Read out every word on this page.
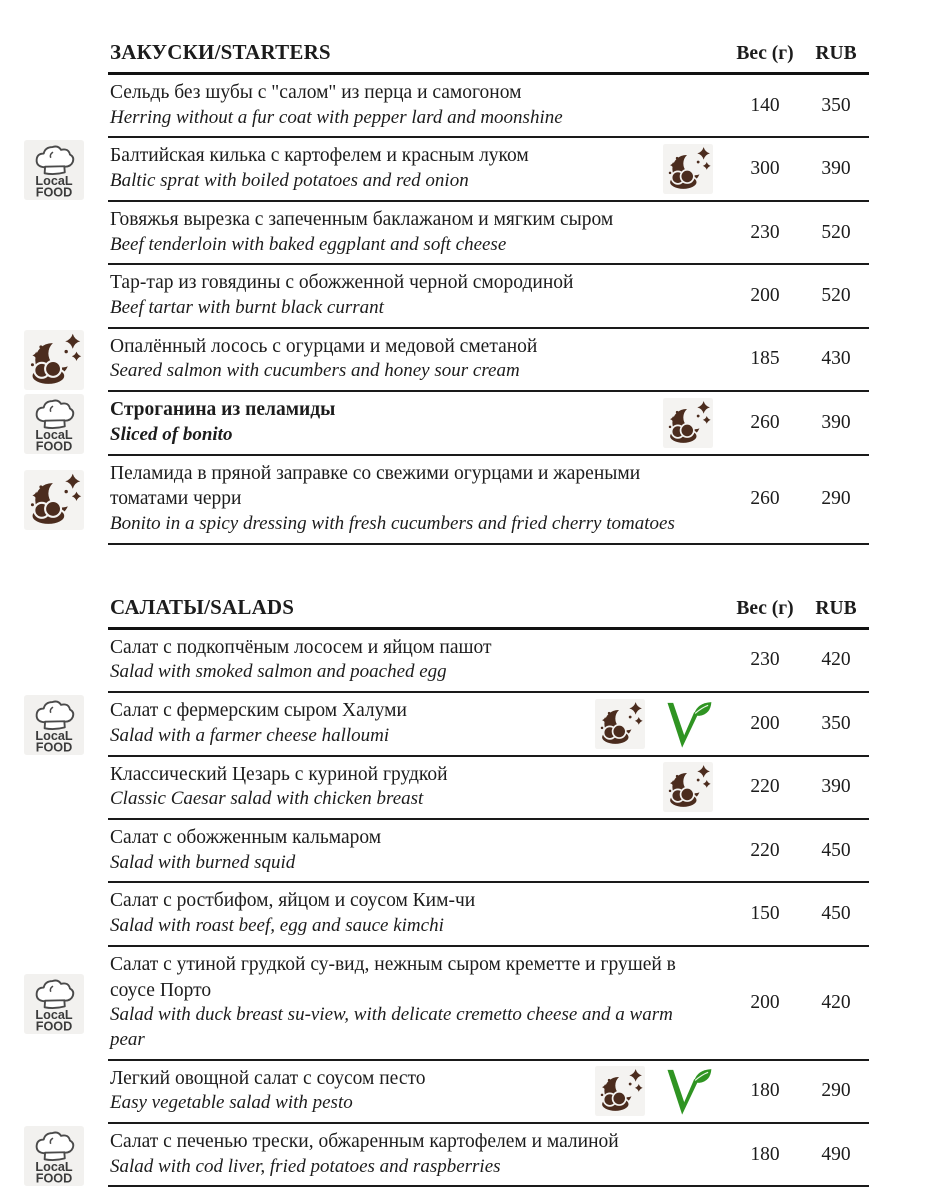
ЗАКУСКИ/STARTERS	Вес (г)	RUB
Сельдь без шубы с "салом" из перца и самогоном
Herring without a fur coat with pepper lard and moonshine
140	350
LocaL
FOOD
Балтийская килька с картофелем и красным луком
Baltic sprat with boiled potatoes and red onion
300	390
Говяжья вырезка с запеченным баклажаном и мягким сыром
Beef tenderloin with baked eggplant and soft cheese
230	520
Тар-тар из говядины с обожженной черной смородиной
Beef tartar with burnt black currant
200	520
Опалённый лосось с огурцами и медовой сметаной
Seared salmon with cucumbers and honey sour cream
185	430
LocaL
FOOD
Строганина из пеламиды
Sliced of bonito
260	390
Пеламида в пряной заправке со свежими огурцами и жареными томатами черри
Bonito in a spicy dressing with fresh cucumbers and fried cherry tomatoes
260	290
САЛАТЫ/SALADS	Вес (г)	RUB
Салат с подкопчёным лососем и яйцом пашот
Salad with smoked salmon and poached egg
230	420
LocaL
FOOD
Салат с фермерским сыром Халуми
Salad with a farmer cheese halloumi
200	350
Классический Цезарь с куриной грудкой
Classic Caesar salad with chicken breast
220	390
Салат с обожженным кальмаром
Salad with burned squid
220	450
Салат с ростбифом, яйцом и соусом Ким-чи
Salad with roast beef, egg and sauce kimchi
150	450
LocaL
FOOD
Салат с утиной грудкой су-вид, нежным сыром креметте и грушей в соусе Порто
Salad with duck breast su-view, with delicate cremetto cheese and a warm pear
200	420
Легкий овощной салат с соусом песто
Easy vegetable salad with pesto
180	290
LocaL
FOOD
Салат с печенью трески, обжаренным картофелем и малиной
Salad with cod liver, fried potatoes and raspberries
180	490
